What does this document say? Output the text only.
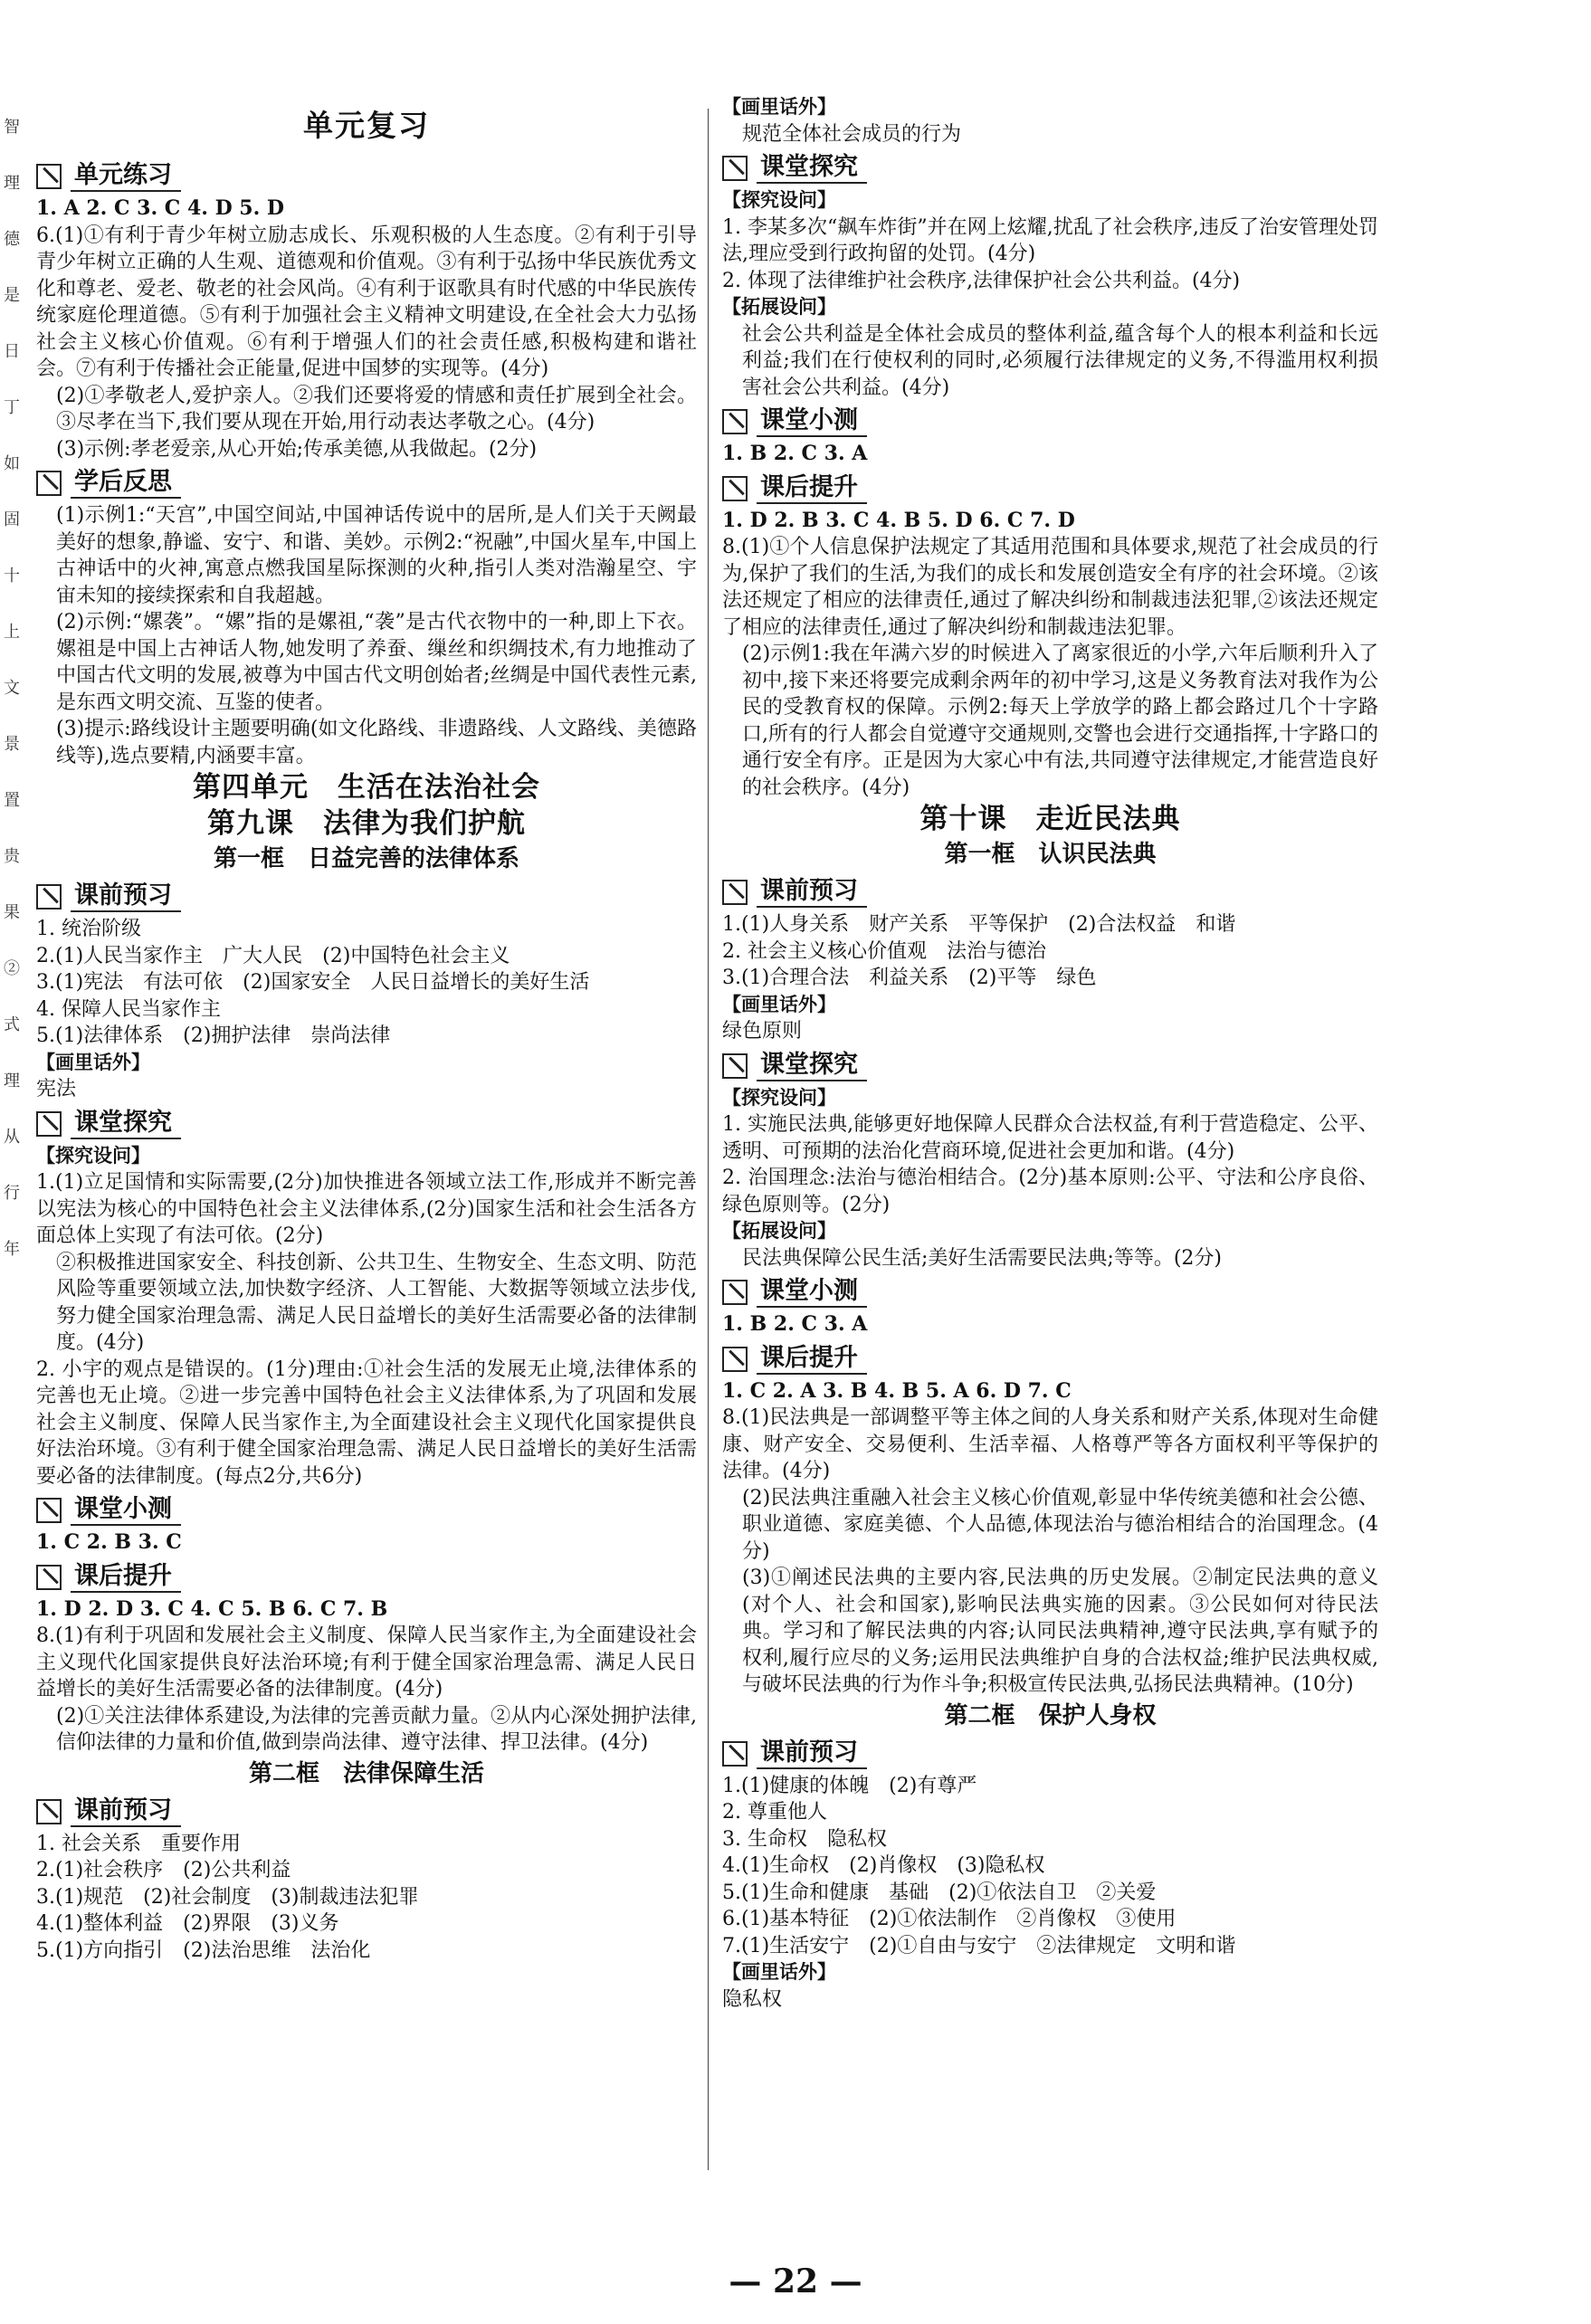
智 理 德 是 日 丁 如 固 十 上 文 景 置 贵 果 ② 式 理 从 行 年
单元复习
单元练习
1. A 2. C 3. C 4. D 5. D
6.(1)①有利于青少年树立励志成长、乐观积极的人生态度。②有利于引导青少年树立正确的人生观、道德观和价值观。③有利于弘扬中华民族优秀文化和尊老、爱老、敬老的社会风尚。④有利于讴歌具有时代感的中华民族传统家庭伦理道德。⑤有利于加强社会主义精神文明建设,在全社会大力弘扬社会主义核心价值观。⑥有利于增强人们的社会责任感,积极构建和谐社会。⑦有利于传播社会正能量,促进中国梦的实现等。(4分)
(2)①孝敬老人,爱护亲人。②我们还要将爱的情感和责任扩展到全社会。③尽孝在当下,我们要从现在开始,用行动表达孝敬之心。(4分)
(3)示例:孝老爱亲,从心开始;传承美德,从我做起。(2分)
学后反思
(1)示例1:“天宫”,中国空间站,中国神话传说中的居所,是人们关于天阙最美好的想象,静谧、安宁、和谐、美妙。示例2:“祝融”,中国火星车,中国上古神话中的火神,寓意点燃我国星际探测的火种,指引人类对浩瀚星空、宇宙未知的接续探索和自我超越。
(2)示例:“嫘袭”。“嫘”指的是嫘祖,“袭”是古代衣物中的一种,即上下衣。嫘祖是中国上古神话人物,她发明了养蚕、缫丝和织绸技术,有力地推动了中国古代文明的发展,被尊为中国古代文明创始者;丝绸是中国代表性元素,是东西文明交流、互鉴的使者。
(3)提示:路线设计主题要明确(如文化路线、非遗路线、人文路线、美德路线等),选点要精,内涵要丰富。
第四单元　生活在法治社会
第九课　法律为我们护航
第一框　日益完善的法律体系
课前预习
1. 统治阶级
2.(1)人民当家作主　广大人民　(2)中国特色社会主义
3.(1)宪法　有法可依　(2)国家安全　人民日益增长的美好生活
4. 保障人民当家作主
5.(1)法律体系　(2)拥护法律　崇尚法律
【画里话外】
宪法
课堂探究
【探究设问】
1.(1)立足国情和实际需要,(2分)加快推进各领域立法工作,形成并不断完善以宪法为核心的中国特色社会主义法律体系,(2分)国家生活和社会生活各方面总体上实现了有法可依。(2分)
②积极推进国家安全、科技创新、公共卫生、生物安全、生态文明、防范风险等重要领域立法,加快数字经济、人工智能、大数据等领域立法步伐,努力健全国家治理急需、满足人民日益增长的美好生活需要必备的法律制度。(4分)
2. 小宇的观点是错误的。(1分)理由:①社会生活的发展无止境,法律体系的完善也无止境。②进一步完善中国特色社会主义法律体系,为了巩固和发展社会主义制度、保障人民当家作主,为全面建设社会主义现代化国家提供良好法治环境。③有利于健全国家治理急需、满足人民日益增长的美好生活需要必备的法律制度。(每点2分,共6分)
课堂小测
1. C 2. B 3. C
课后提升
1. D 2. D 3. C 4. C 5. B 6. C 7. B
8.(1)有利于巩固和发展社会主义制度、保障人民当家作主,为全面建设社会主义现代化国家提供良好法治环境;有利于健全国家治理急需、满足人民日益增长的美好生活需要必备的法律制度。(4分)
(2)①关注法律体系建设,为法律的完善贡献力量。②从内心深处拥护法律,信仰法律的力量和价值,做到崇尚法律、遵守法律、捍卫法律。(4分)
第二框　法律保障生活
课前预习
1. 社会关系　重要作用
2.(1)社会秩序　(2)公共利益
3.(1)规范　(2)社会制度　(3)制裁违法犯罪
4.(1)整体利益　(2)界限　(3)义务
5.(1)方向指引　(2)法治思维　法治化
【画里话外】
规范全体社会成员的行为
课堂探究
【探究设问】
1. 李某多次“飙车炸街”并在网上炫耀,扰乱了社会秩序,违反了治安管理处罚法,理应受到行政拘留的处罚。(4分)
2. 体现了法律维护社会秩序,法律保护社会公共利益。(4分)
【拓展设问】
社会公共利益是全体社会成员的整体利益,蕴含每个人的根本利益和长远利益;我们在行使权利的同时,必须履行法律规定的义务,不得滥用权利损害社会公共利益。(4分)
课堂小测
1. B 2. C 3. A
课后提升
1. D 2. B 3. C 4. B 5. D 6. C 7. D
8.(1)①个人信息保护法规定了其适用范围和具体要求,规范了社会成员的行为,保护了我们的生活,为我们的成长和发展创造安全有序的社会环境。②该法还规定了相应的法律责任,通过了解决纠纷和制裁违法犯罪,②该法还规定了相应的法律责任,通过了解决纠纷和制裁违法犯罪。
(2)示例1:我在年满六岁的时候进入了离家很近的小学,六年后顺利升入了初中,接下来还将要完成剩余两年的初中学习,这是义务教育法对我作为公民的受教育权的保障。示例2:每天上学放学的路上都会路过几个十字路口,所有的行人都会自觉遵守交通规则,交警也会进行交通指挥,十字路口的通行安全有序。正是因为大家心中有法,共同遵守法律规定,才能营造良好的社会秩序。(4分)
第十课　走近民法典
第一框　认识民法典
课前预习
1.(1)人身关系　财产关系　平等保护　(2)合法权益　和谐
2. 社会主义核心价值观　法治与德治
3.(1)合理合法　利益关系　(2)平等　绿色
【画里话外】
绿色原则
课堂探究
【探究设问】
1. 实施民法典,能够更好地保障人民群众合法权益,有利于营造稳定、公平、透明、可预期的法治化营商环境,促进社会更加和谐。(4分)
2. 治国理念:法治与德治相结合。(2分)基本原则:公平、守法和公序良俗、绿色原则等。(2分)
【拓展设问】
民法典保障公民生活;美好生活需要民法典;等等。(2分)
课堂小测
1. B 2. C 3. A
课后提升
1. C 2. A 3. B 4. B 5. A 6. D 7. C
8.(1)民法典是一部调整平等主体之间的人身关系和财产关系,体现对生命健康、财产安全、交易便利、生活幸福、人格尊严等各方面权利平等保护的法律。(4分)
(2)民法典注重融入社会主义核心价值观,彰显中华传统美德和社会公德、职业道德、家庭美德、个人品德,体现法治与德治相结合的治国理念。(4分)
(3)①阐述民法典的主要内容,民法典的历史发展。②制定民法典的意义(对个人、社会和国家),影响民法典实施的因素。③公民如何对待民法典。学习和了解民法典的内容;认同民法典精神,遵守民法典,享有赋予的权利,履行应尽的义务;运用民法典维护自身的合法权益;维护民法典权威,与破坏民法典的行为作斗争;积极宣传民法典,弘扬民法典精神。(10分)
第二框　保护人身权
课前预习
1.(1)健康的体魄　(2)有尊严
2. 尊重他人
3. 生命权　隐私权
4.(1)生命权　(2)肖像权　(3)隐私权
5.(1)生命和健康　基础　(2)①依法自卫　②关爱
6.(1)基本特征　(2)①依法制作　②肖像权　③使用
7.(1)生活安宁　(2)①自由与安宁　②法律规定　文明和谐
【画里话外】
隐私权
— 22 —
